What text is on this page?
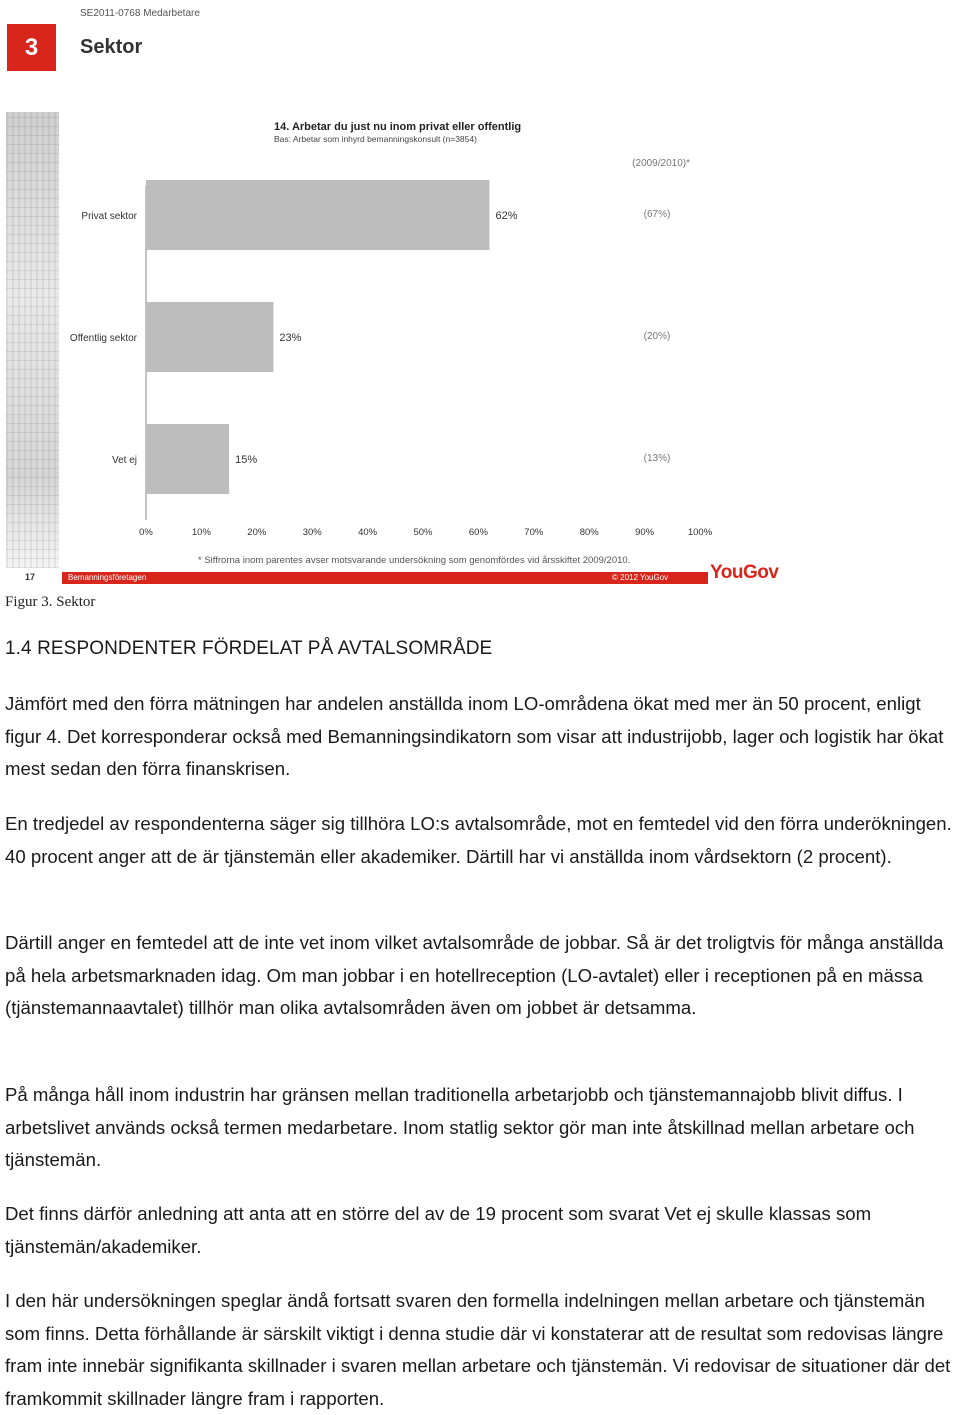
SE2011-0768 Medarbetare
3	Sektor
14. Arbetar du just nu inom privat eller offentlig
Bas: Arbetar som inhyrd bemanningskonsult (n=3854)
(2009/2010)*
Privat sektor	62%	(67%)
Offentlig sektor	23%	(20%)
Vet ej	15%	(13%)
0%	10%	20%	30%	40%	50%	60%	70%	80%	90%	100%
* Siffrorna inom parentes avser motsvarande undersökning som genomfördes vid årsskiftet 2009/2010.
17	Bemanningsföretagen	© 2012 YouGov YouGov
Figur 3. Sektor
1.4 RESPONDENTER FÖRDELAT PÅ AVTALSOMRÅDE

Jämfört med den förra mätningen har andelen anställda inom LO-områdena ökat med mer än 50 procent, enligt figur 4. Det korresponderar också med Bemanningsindikatorn som visar att industrijobb, lager och logistik har ökat mest sedan den förra finanskrisen.

En tredjedel av respondenterna säger sig tillhöra LO:s avtalsområde, mot en femtedel vid den förra underökningen. 40 procent anger att de är tjänstemän eller akademiker. Därtill har vi anställda inom vårdsektorn (2 procent).

Därtill anger en femtedel att de inte vet inom vilket avtalsområde de jobbar. Så är det troligtvis för många anställda på hela arbetsmarknaden idag. Om man jobbar i en hotellreception (LO-avtalet) eller i receptionen på en mässa (tjänstemannaavtalet) tillhör man olika avtalsområden även om jobbet är detsamma.

På många håll inom industrin har gränsen mellan traditionella arbetarjobb och tjänstemannajobb blivit diffus. I arbetslivet används också termen medarbetare. Inom statlig sektor gör man inte åtskillnad mellan arbetare och tjänstemän.

Det finns därför anledning att anta att en större del av de 19 procent som svarat Vet ej skulle klassas som tjänstemän/akademiker.

I den här undersökningen speglar ändå fortsatt svaren den formella indelningen mellan arbetare och tjänstemän som finns. Detta förhållande är särskilt viktigt i denna studie där vi konstaterar att de resultat som redovisas längre fram inte innebär signifikanta skillnader i svaren mellan arbetare och tjänstemän. Vi redovisar de situationer där det framkommit skillnader längre fram i rapporten.
